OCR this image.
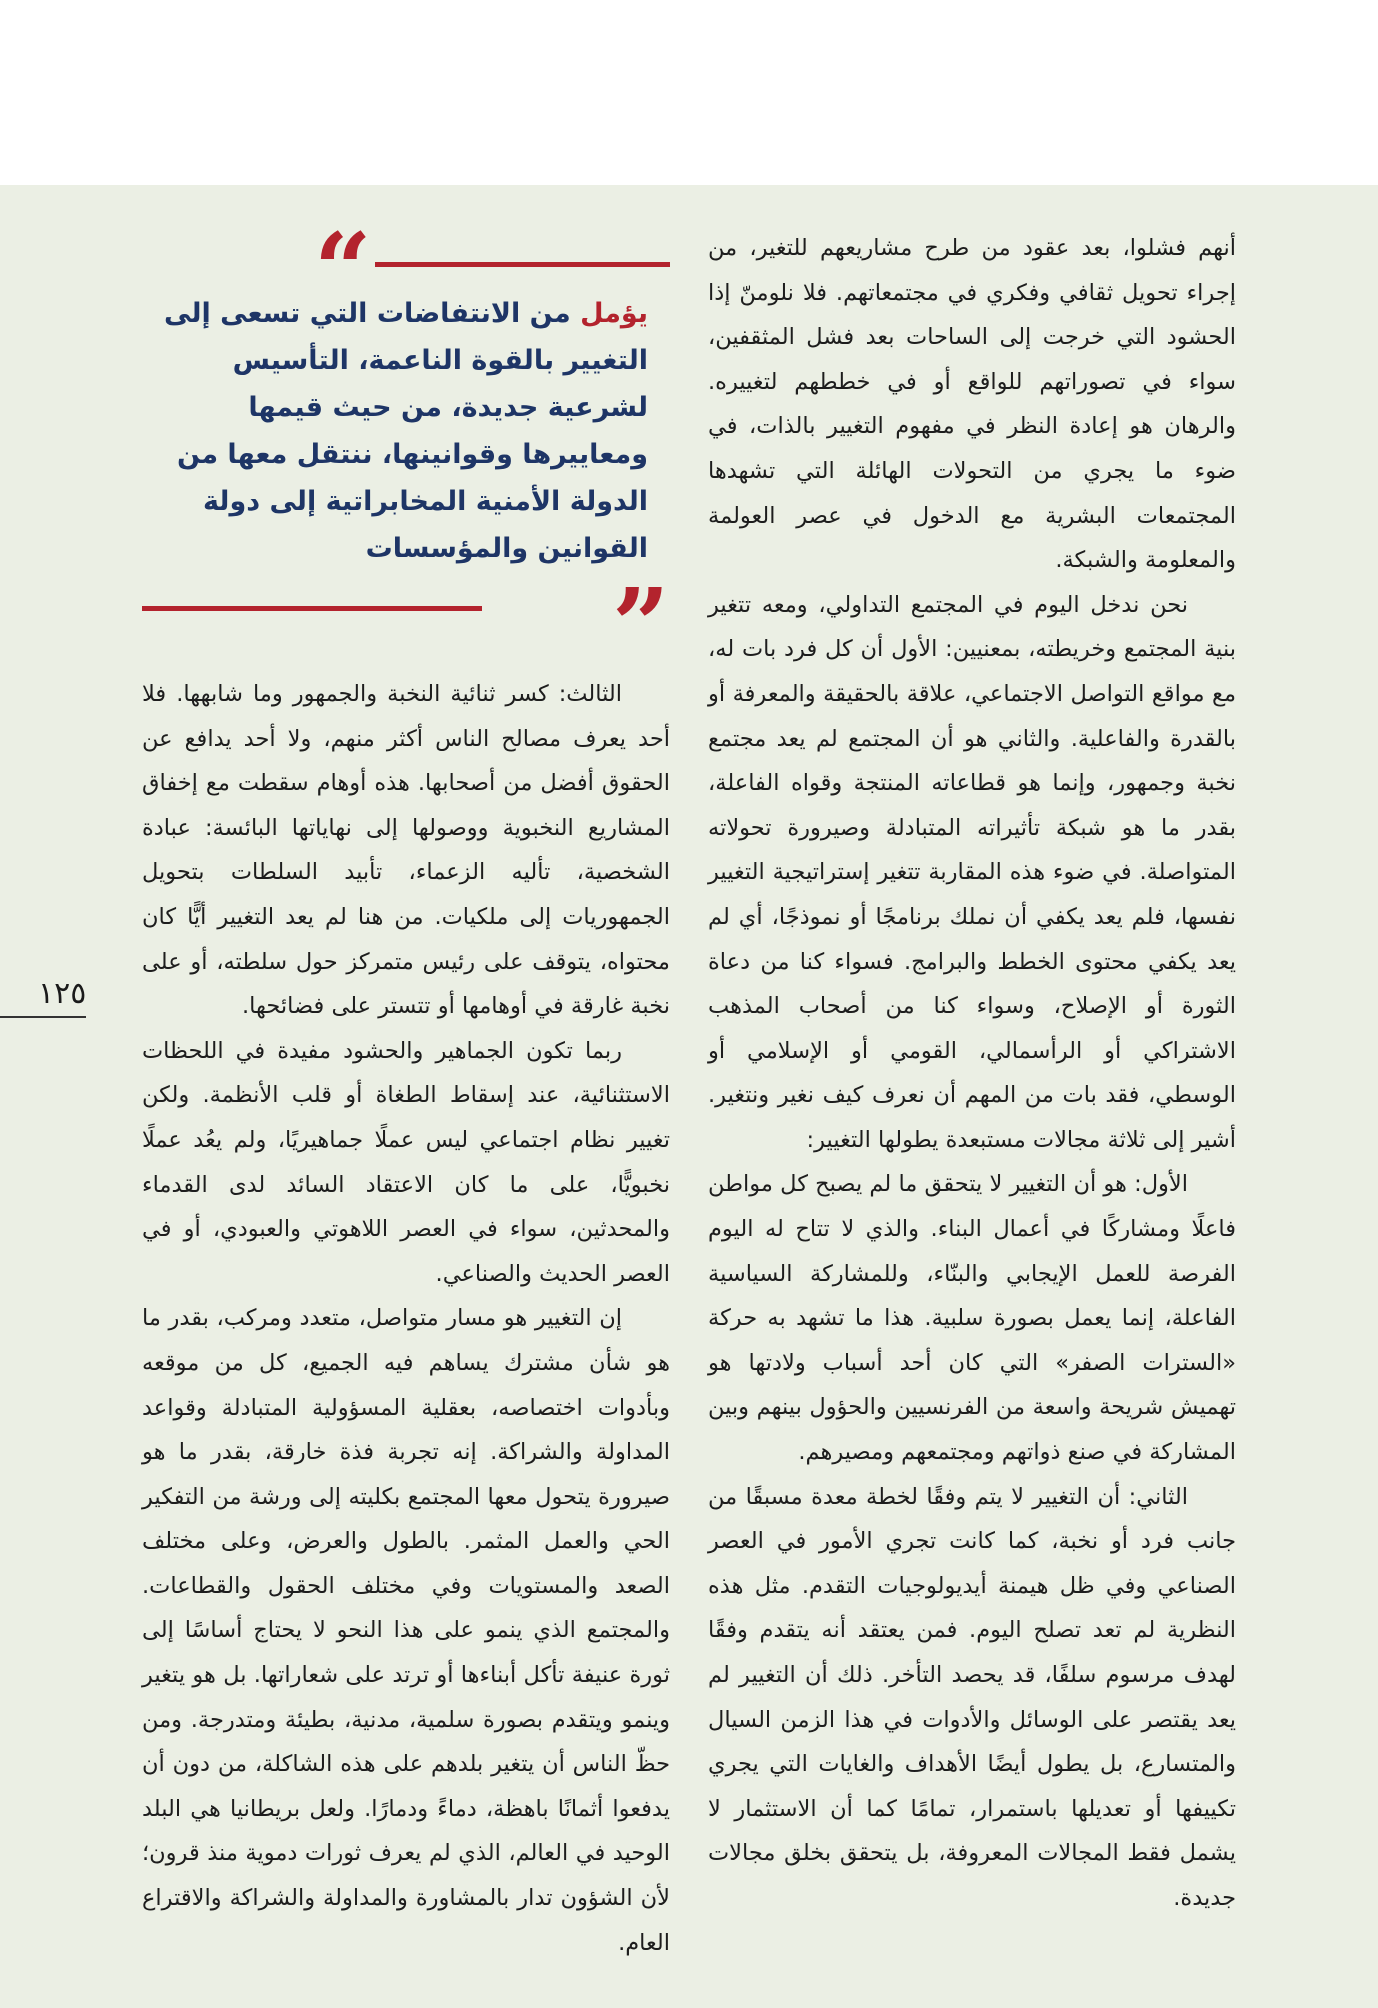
أنهم فشلوا، بعد عقود من طرح مشاريعهم للتغير، من إجراء تحويل ثقافي وفكري في مجتمعاتهم. فلا نلومنّ إذا الحشود التي خرجت إلى الساحات بعد فشل المثقفين، سواء في تصوراتهم للواقع أو في خططهم لتغييره. والرهان هو إعادة النظر في مفهوم التغيير بالذات، في ضوء ما يجري من التحولات الهائلة التي تشهدها المجتمعات البشرية مع الدخول في عصر العولمة والمعلومة والشبكة.

نحن ندخل اليوم في المجتمع التداولي، ومعه تتغير بنية المجتمع وخريطته، بمعنيين: الأول أن كل فرد بات له، مع مواقع التواصل الاجتماعي، علاقة بالحقيقة والمعرفة أو بالقدرة والفاعلية. والثاني هو أن المجتمع لم يعد مجتمع نخبة وجمهور، وإنما هو قطاعاته المنتجة وقواه الفاعلة، بقدر ما هو شبكة تأثيراته المتبادلة وصيرورة تحولاته المتواصلة. في ضوء هذه المقاربة تتغير إستراتيجية التغيير نفسها، فلم يعد يكفي أن نملك برنامجًا أو نموذجًا، أي لم يعد يكفي محتوى الخطط والبرامج. فسواء كنا من دعاة الثورة أو الإصلاح، وسواء كنا من أصحاب المذهب الاشتراكي أو الرأسمالي، القومي أو الإسلامي أو الوسطي، فقد بات من المهم أن نعرف كيف نغير ونتغير. أشير إلى ثلاثة مجالات مستبعدة يطولها التغيير:

الأول: هو أن التغيير لا يتحقق ما لم يصبح كل مواطن فاعلًا ومشاركًا في أعمال البناء. والذي لا تتاح له اليوم الفرصة للعمل الإيجابي والبنّاء، وللمشاركة السياسية الفاعلة، إنما يعمل بصورة سلبية. هذا ما تشهد به حركة «السترات الصفر» التي كان أحد أسباب ولادتها هو تهميش شريحة واسعة من الفرنسيين والحؤول بينهم وبين المشاركة في صنع ذواتهم ومجتمعهم ومصيرهم.

الثاني: أن التغيير لا يتم وفقًا لخطة معدة مسبقًا من جانب فرد أو نخبة، كما كانت تجري الأمور في العصر الصناعي وفي ظل هيمنة أيديولوجيات التقدم. مثل هذه النظرية لم تعد تصلح اليوم. فمن يعتقد أنه يتقدم وفقًا لهدف مرسوم سلفًا، قد يحصد التأخر. ذلك أن التغيير لم يعد يقتصر على الوسائل والأدوات في هذا الزمن السيال والمتسارع، بل يطول أيضًا الأهداف والغايات التي يجري تكييفها أو تعديلها باستمرار، تمامًا كما أن الاستثمار لا يشمل فقط المجالات المعروفة، بل يتحقق بخلق مجالات جديدة.

“	يؤمل من الانتفاضات التي تسعى إلى التغيير بالقوة الناعمة، التأسيس لشرعية جديدة، من حيث قيمها ومعاييرها وقوانينها، ننتقل معها من الدولة الأمنية المخابراتية إلى دولة القوانين والمؤسسات
”

الثالث: كسر ثنائية النخبة والجمهور وما شابهها. فلا أحد يعرف مصالح الناس أكثر منهم، ولا أحد يدافع عن الحقوق أفضل من أصحابها. هذه أوهام سقطت مع إخفاق المشاريع النخبوية ووصولها إلى نهاياتها البائسة: عبادة الشخصية، تأليه الزعماء، تأبيد السلطات بتحويل الجمهوريات إلى ملكيات. من هنا لم يعد التغيير أيًّا كان محتواه، يتوقف على رئيس متمركز حول سلطته، أو على نخبة غارقة في أوهامها أو تتستر على فضائحها.

ربما تكون الجماهير والحشود مفيدة في اللحظات الاستثنائية، عند إسقاط الطغاة أو قلب الأنظمة. ولكن تغيير نظام اجتماعي ليس عملًا جماهيريًا، ولم يعُد عملًا نخبويًّا، على ما كان الاعتقاد السائد لدى القدماء والمحدثين، سواء في العصر اللاهوتي والعبودي، أو في العصر الحديث والصناعي.

إن التغيير هو مسار متواصل، متعدد ومركب، بقدر ما هو شأن مشترك يساهم فيه الجميع، كل من موقعه وبأدوات اختصاصه، بعقلية المسؤولية المتبادلة وقواعد المداولة والشراكة. إنه تجربة فذة خارقة، بقدر ما هو صيرورة يتحول معها المجتمع بكليته إلى ورشة من التفكير الحي والعمل المثمر. بالطول والعرض، وعلى مختلف الصعد والمستويات وفي مختلف الحقول والقطاعات. والمجتمع الذي ينمو على هذا النحو لا يحتاج أساسًا إلى ثورة عنيفة تأكل أبناءها أو ترتد على شعاراتها. بل هو يتغير وينمو ويتقدم بصورة سلمية، مدنية، بطيئة ومتدرجة. ومن حظّ الناس أن يتغير بلدهم على هذه الشاكلة، من دون أن يدفعوا أثمانًا باهظة، دماءً ودمارًا. ولعل بريطانيا هي البلد الوحيد في العالم، الذي لم يعرف ثورات دموية منذ قرون؛ لأن الشؤون تدار بالمشاورة والمداولة والشراكة والاقتراع العام.

١٢٥
